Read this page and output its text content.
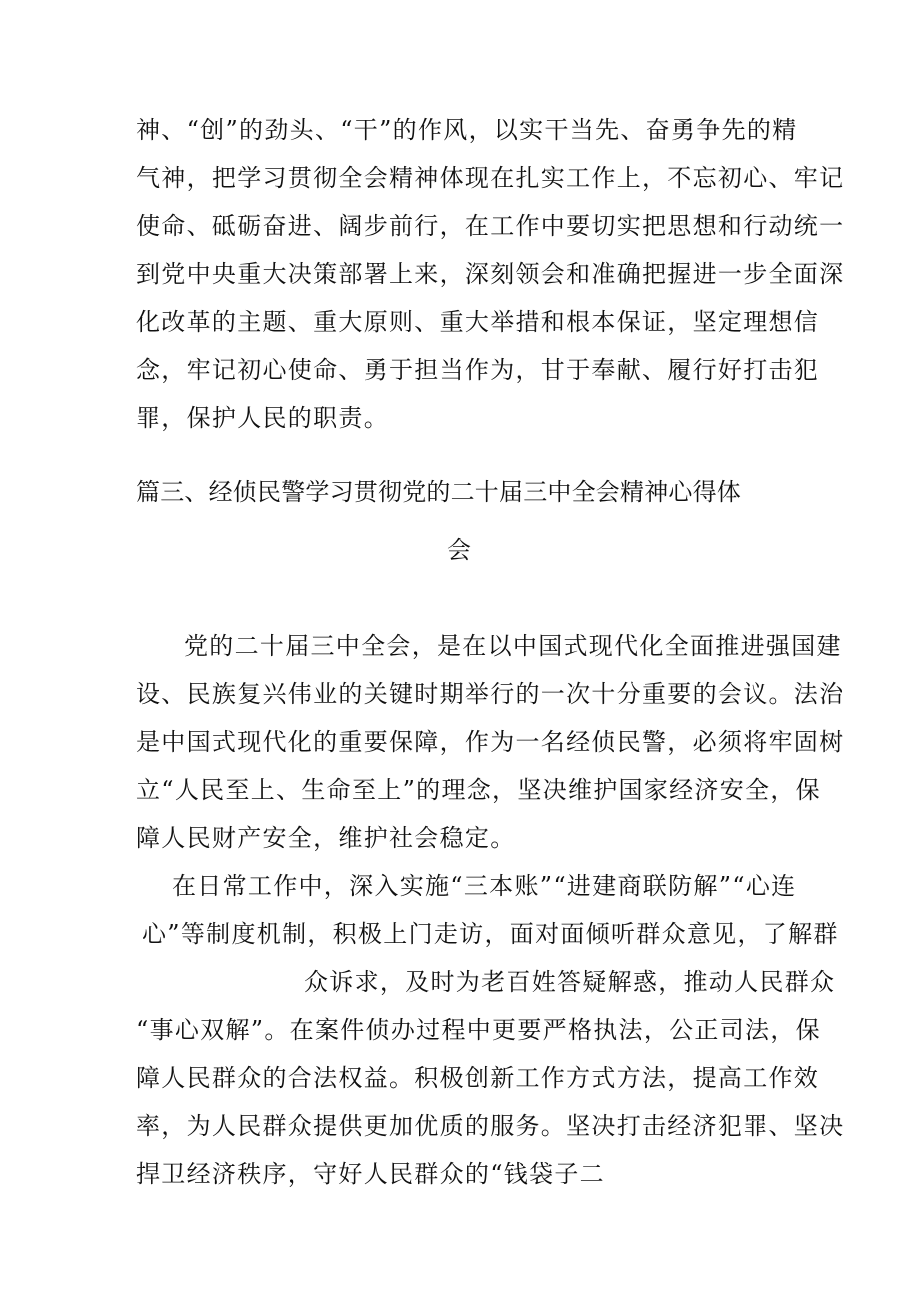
神、“创”的劲头、“干”的作风，以实干当先、奋勇争先的精
气神，把学习贯彻全会精神体现在扎实工作上，不忘初心、牢记
使命、砥砺奋进、阔步前行，在工作中要切实把思想和行动统一
到党中央重大决策部署上来，深刻领会和准确把握进一步全面深
化改革的主题、重大原则、重大举措和根本保证，坚定理想信
念，牢记初心使命、勇于担当作为，甘于奉献、履行好打击犯
罪，保护人民的职责。
篇三、经侦民警学习贯彻党的二十届三中全会精神心得体
会
党的二十届三中全会，是在以中国式现代化全面推进强国建
设、民族复兴伟业的关键时期举行的一次十分重要的会议。法治
是中国式现代化的重要保障，作为一名经侦民警，必须将牢固树
立“人民至上、生命至上”的理念，坚决维护国家经济安全，保
障人民财产安全，维护社会稳定。
在日常工作中，深入实施“三本账”“进建商联防解”“心连
心”等制度机制，积极上门走访，面对面倾听群众意见，了解群
众诉求，及时为老百姓答疑解惑，推动人民群众
“事心双解”。在案件侦办过程中更要严格执法，公正司法，保
障人民群众的合法权益。积极创新工作方式方法，提高工作效
率，为人民群众提供更加优质的服务。坚决打击经济犯罪、坚决
捍卫经济秩序，守好人民群众的“钱袋子二
